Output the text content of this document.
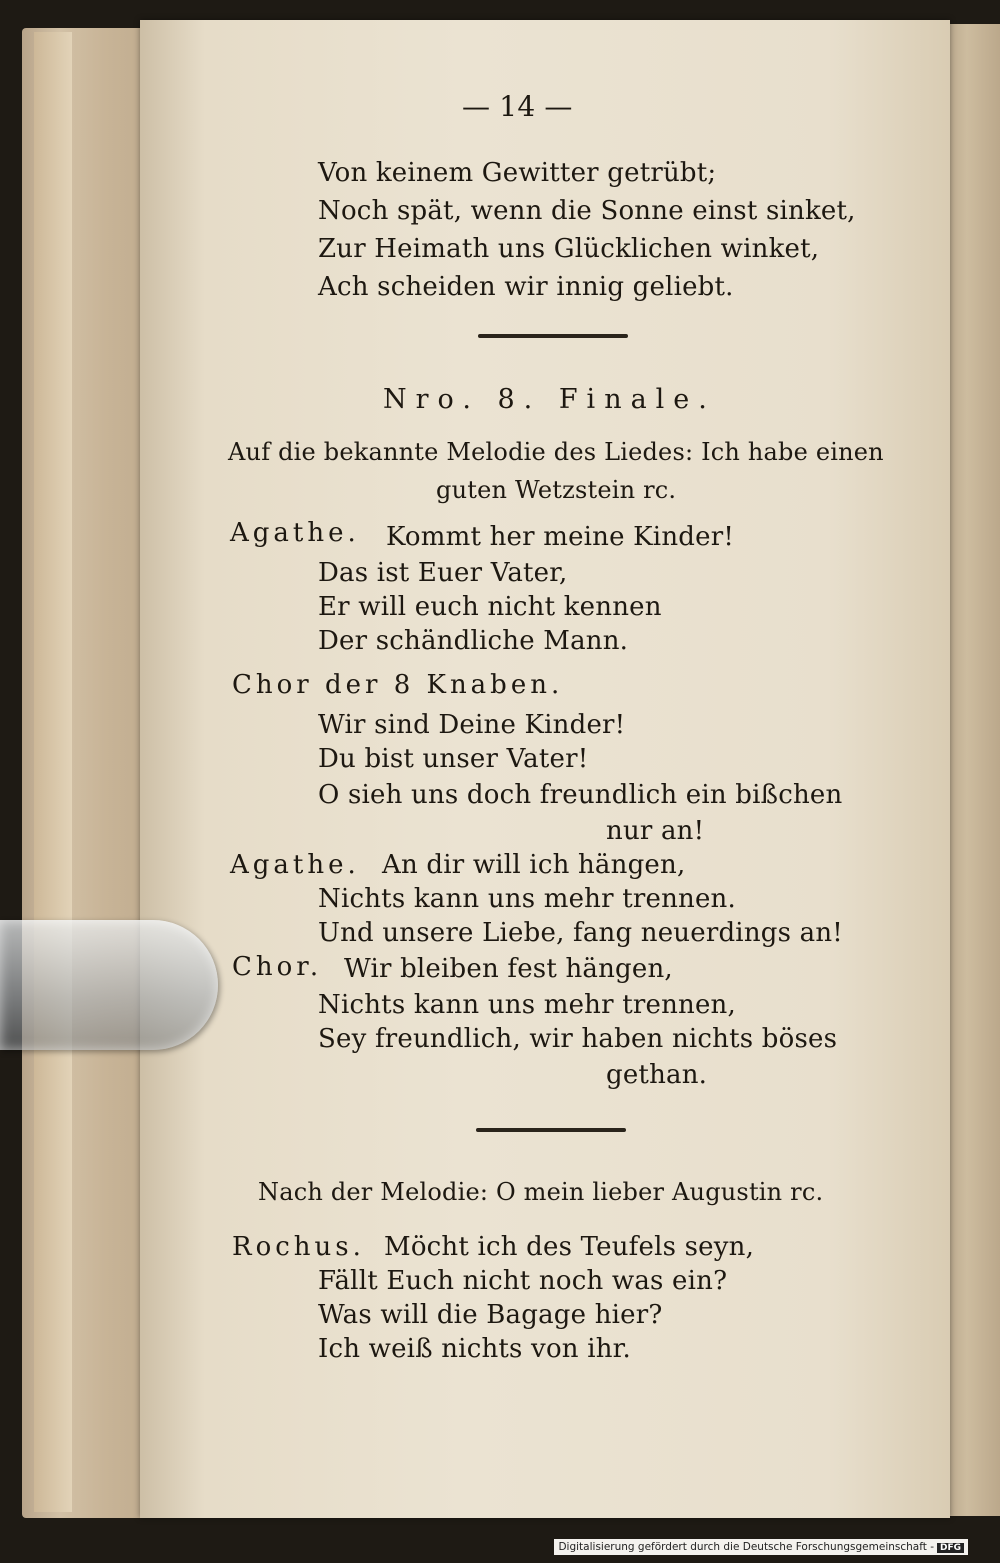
— 14 —
Von keinem Gewitter getrübt;
Noch spät, wenn die Sonne einst sinket,
Zur Heimath uns Glücklichen winket,
Ach scheiden wir innig geliebt.
Nro. 8. Finale.
Auf die bekannte Melodie des Liedes: Ich habe einen
guten Wetzstein rc.
Agathe. Kommt her meine Kinder!
Das ist Euer Vater,
Er will euch nicht kennen
Der schändliche Mann.
Chor der 8 Knaben.
Wir sind Deine Kinder!
Du bist unser Vater!
O sieh uns doch freundlich ein bißchen
nur an!
Agathe. An dir will ich hängen,
Nichts kann uns mehr trennen.
Und unsere Liebe, fang neuerdings an!
Chor. Wir bleiben fest hängen,
Nichts kann uns mehr trennen,
Sey freundlich, wir haben nichts böses
gethan.
Nach der Melodie: O mein lieber Augustin rc.
Rochus. Möcht ich des Teufels seyn,
Fällt Euch nicht noch was ein?
Was will die Bagage hier?
Ich weiß nichts von ihr.
Digitalisierung gefördert durch die Deutsche Forschungsgemeinschaft - DFG
